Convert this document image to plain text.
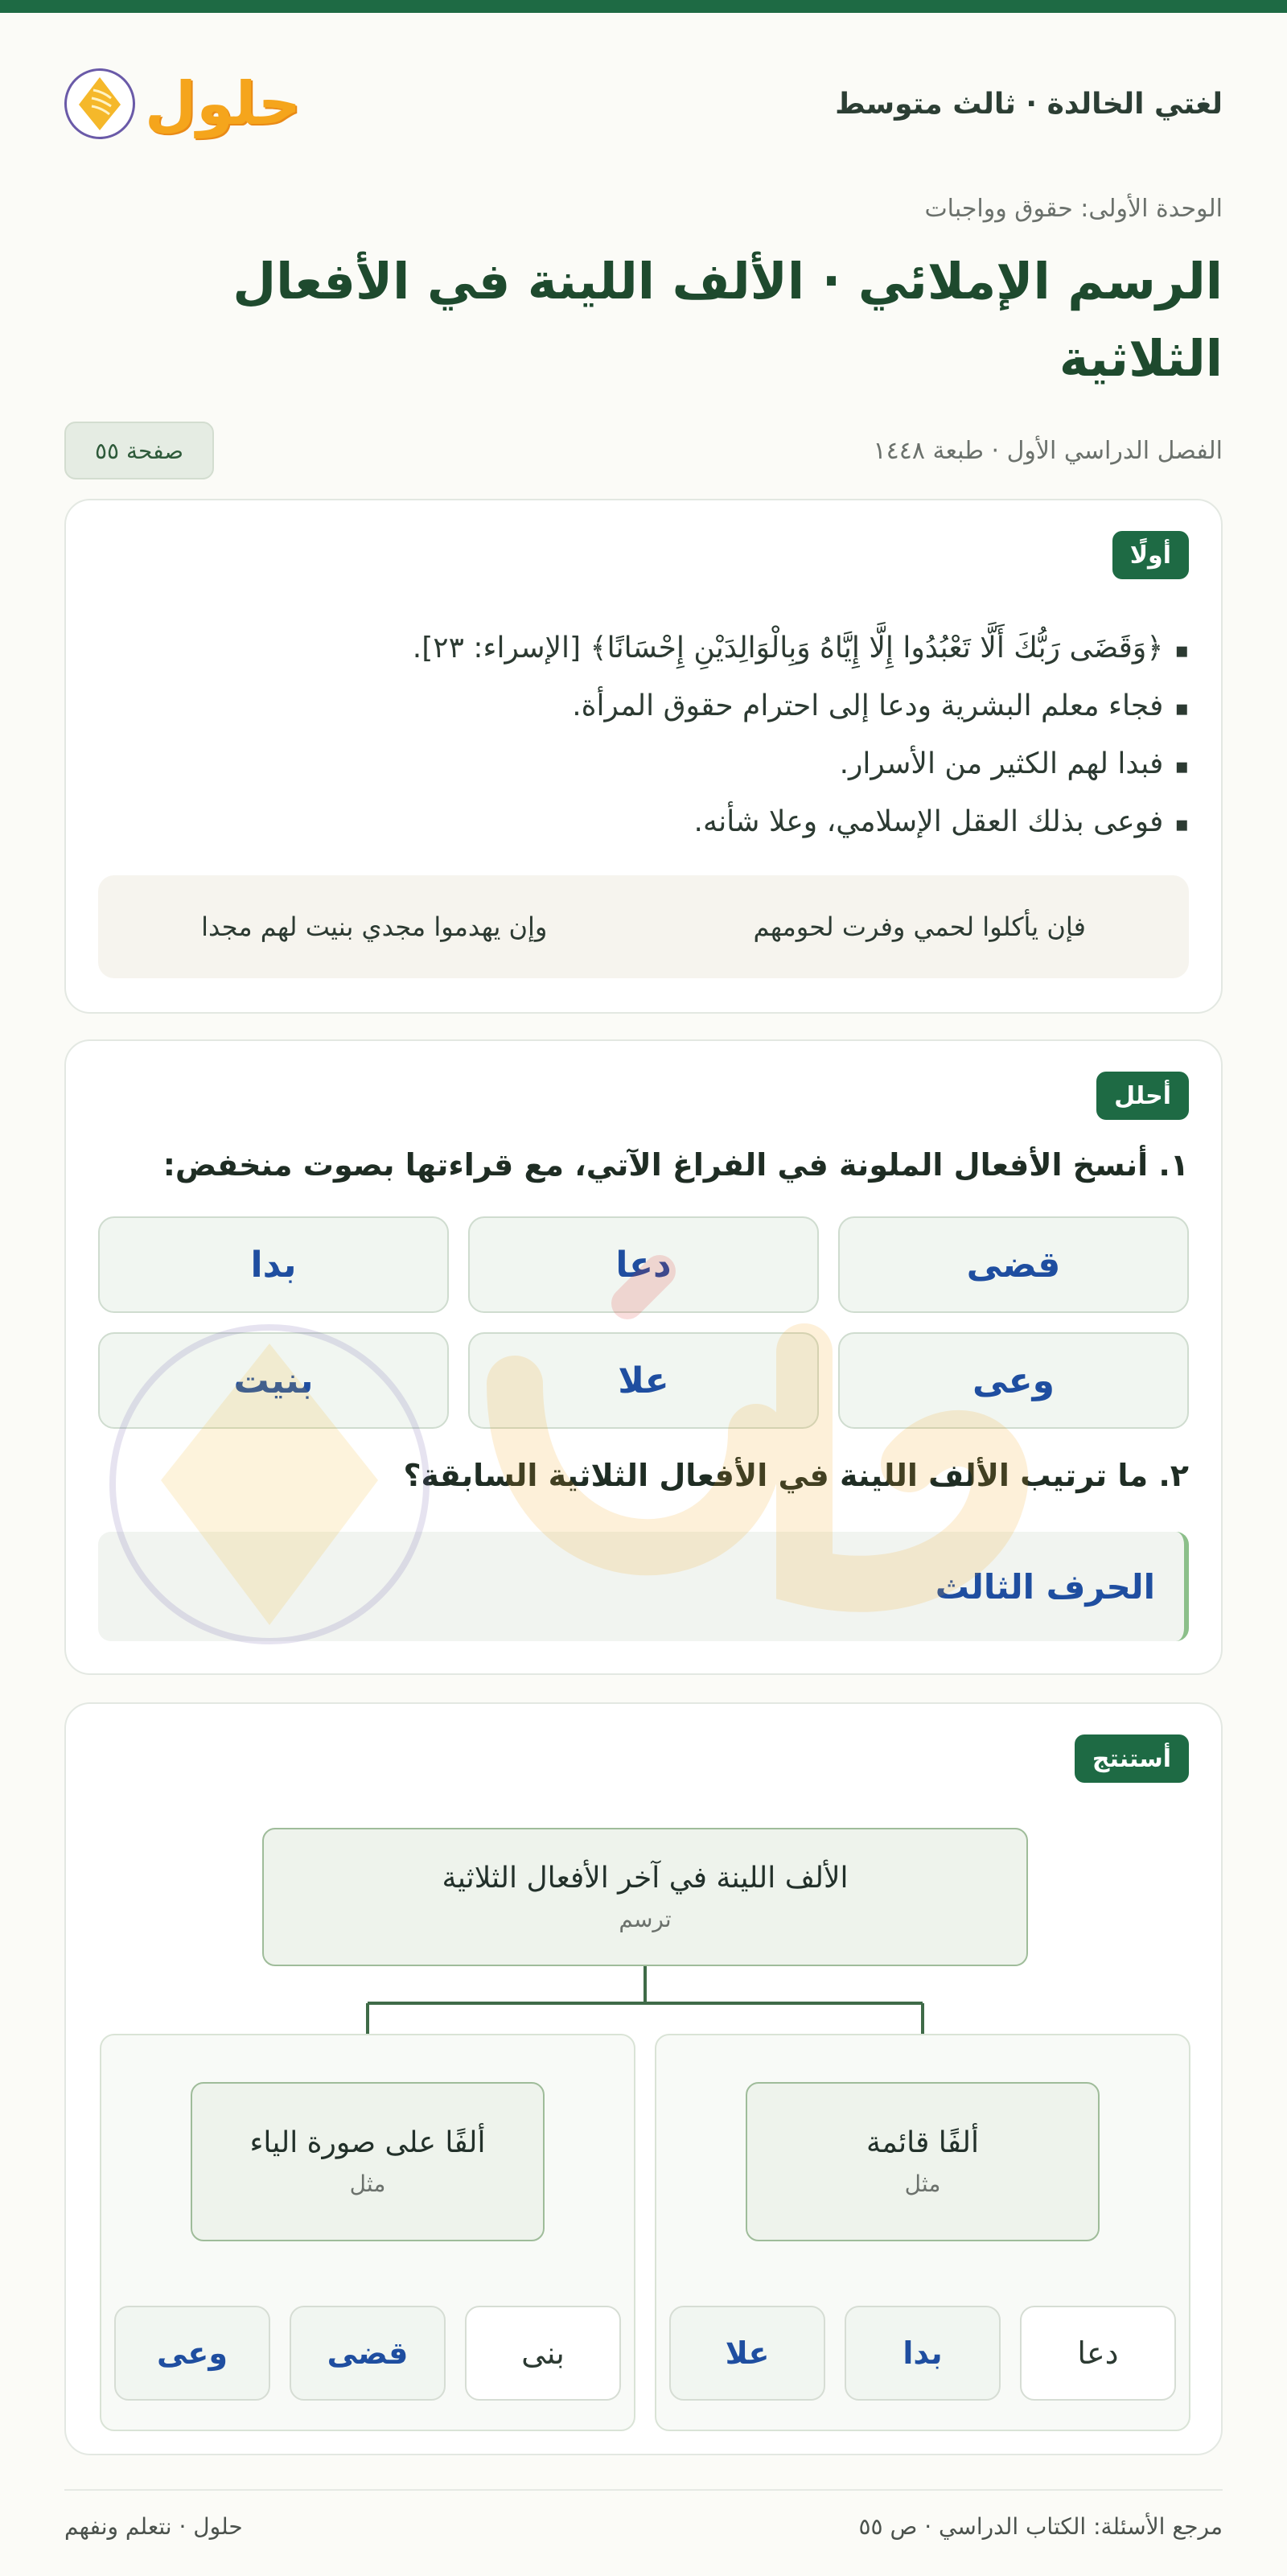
لغتي الخالدة · ثالث متوسط
حلول
الوحدة الأولى: حقوق وواجبات
الرسم الإملائي · الألف اللينة في الأفعال الثلاثية
الفصل الدراسي الأول · طبعة ١٤٤٨
صفحة ٥٥
أولًا
▪ ﴿وَقَضَى رَبُّكَ أَلَّا تَعْبُدُوا إِلَّا إِيَّاهُ وَبِالْوَالِدَيْنِ إِحْسَانًا﴾ [الإسراء: ٢٣].
▪ فجاء معلم البشرية ودعا إلى احترام حقوق المرأة.
▪ فبدا لهم الكثير من الأسرار.
▪ فوعى بذلك العقل الإسلامي، وعلا شأنه.
فإن يأكلوا لحمي وفرت لحومهم
وإن يهدموا مجدي بنيت لهم مجدا
أحلل
١. أنسخ الأفعال الملونة في الفراغ الآتي، مع قراءتها بصوت منخفض:
قضى
دعا
بدا
وعى
علا
بنيت
٢. ما ترتيب الألف اللينة في الأفعال الثلاثية السابقة؟
الحرف الثالث
أستنتج
الألف اللينة في آخر الأفعال الثلاثية
ترسم
ألفًا قائمة
مثل
ألفًا على صورة الياء
مثل
دعا
بدا
علا
بنى
قضى
وعى
مرجع الأسئلة: الكتاب الدراسي · ص ٥٥
حلول · نتعلم ونفهم
